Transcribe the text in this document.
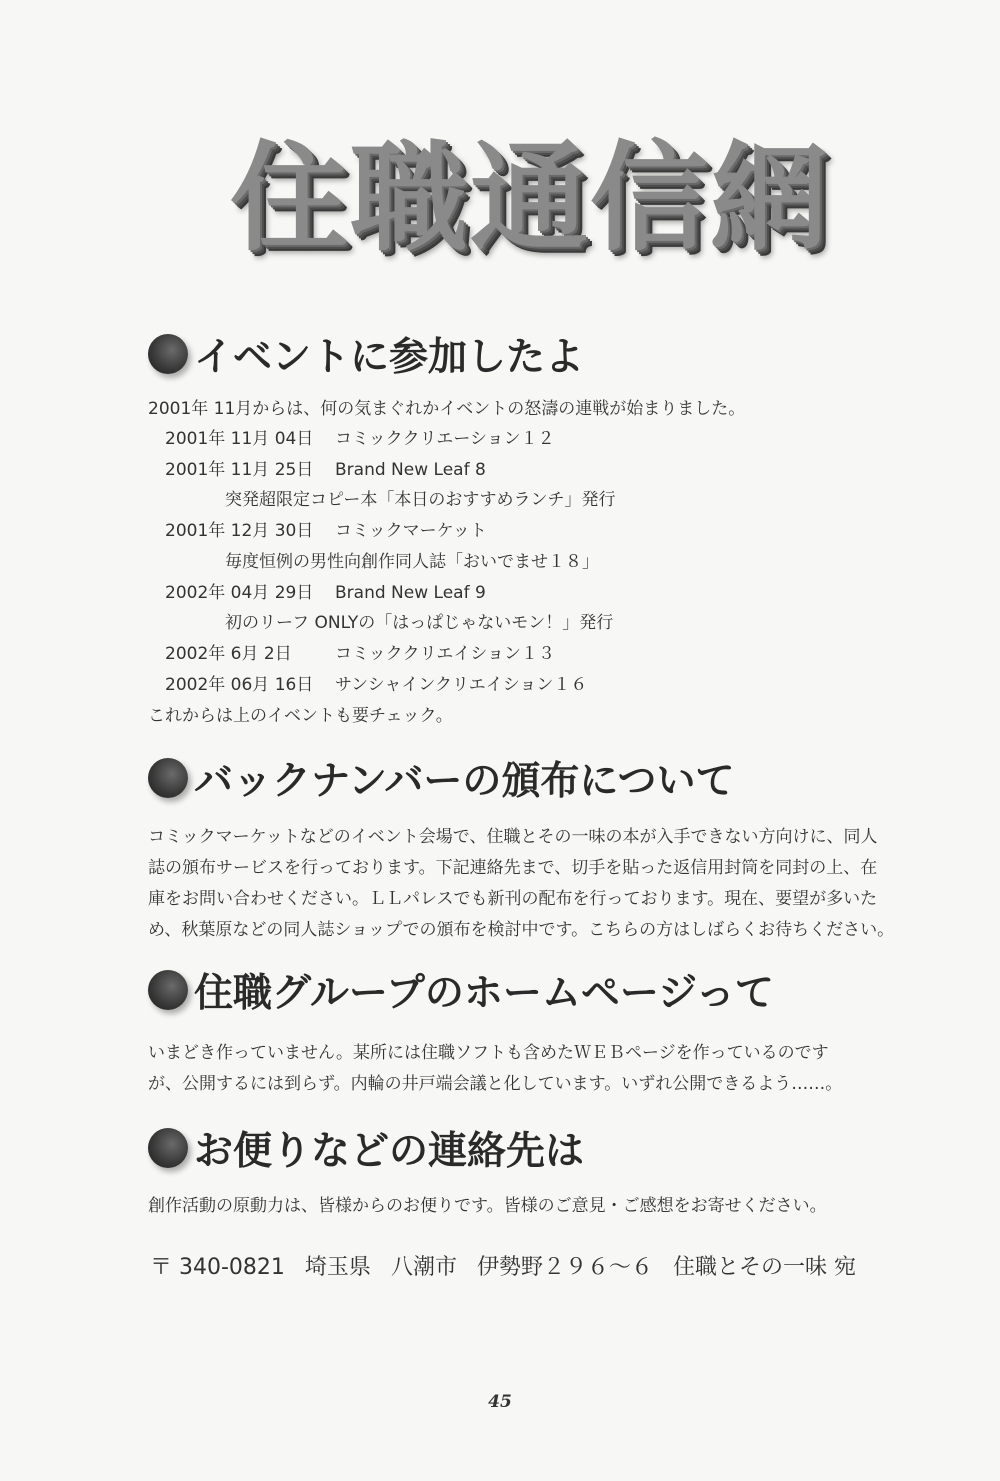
住職通信網
イベントに参加したよ
2001年 11月からは、何の気まぐれかイベントの怒濤の連戦が始まりました。
2001年 11月 04日 コミッククリエーション１２
2001年 11月 25日 Brand New Leaf 8
突発超限定コピー本「本日のおすすめランチ」発行
2001年 12月 30日 コミックマーケット
毎度恒例の男性向創作同人誌「おいでませ１８」
2002年 04月 29日 Brand New Leaf 9
初のリーフ ONLYの「はっぱじゃないモン！」発行
2002年 6月 2日	コミッククリエイション１３
2002年 06月 16日 サンシャインクリエイション１６
これからは上のイベントも要チェック。
バックナンバーの頒布について
コミックマーケットなどのイベント会場で、住職とその一味の本が入手できない方向けに、同人
誌の頒布サービスを行っております。下記連絡先まで、切手を貼った返信用封筒を同封の上、在
庫をお問い合わせください。ＬＬパレスでも新刊の配布を行っております。現在、要望が多いた
め、秋葉原などの同人誌ショップでの頒布を検討中です。こちらの方はしばらくお待ちください。
住職グループのホームページって
いまどき作っていません。某所には住職ソフトも含めたＷＥＢページを作っているのです
が、公開するには到らず。内輪の井戸端会議と化しています。いずれ公開できるよう……。
お便りなどの連絡先は
創作活動の原動力は、皆様からのお便りです。皆様のご意見・ご感想をお寄せください。
〒 340-0821 埼玉県 八潮市 伊勢野２９６～６ 住職とその一味 宛
45
